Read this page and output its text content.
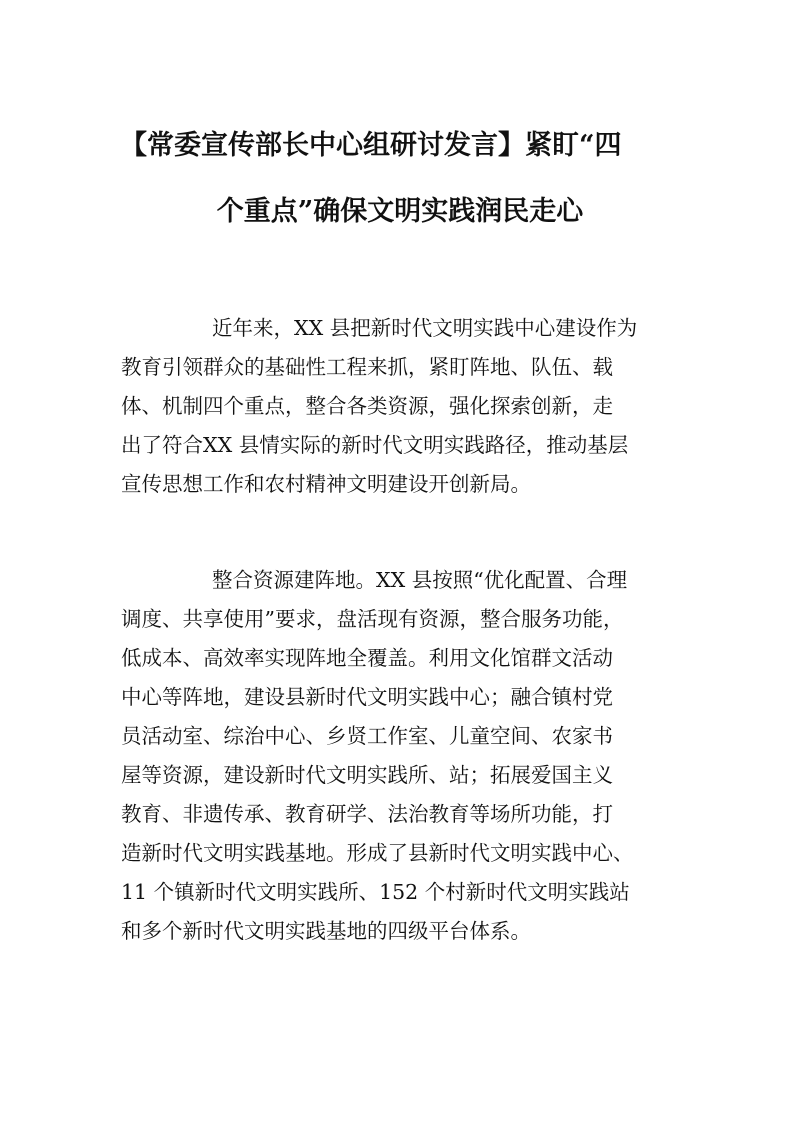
【常委宣传部长中心组研讨发言】紧盯“四
个重点”确保文明实践润民走心
近年来，XX 县把新时代文明实践中心建设作为
教育引领群众的基础性工程来抓，紧盯阵地、队伍、载
体、机制四个重点，整合各类资源，强化探索创新，走
出了符合XX 县情实际的新时代文明实践路径，推动基层
宣传思想工作和农村精神文明建设开创新局。
整合资源建阵地。XX 县按照“优化配置、合理
调度、共享使用”要求，盘活现有资源，整合服务功能，
低成本、高效率实现阵地全覆盖。利用文化馆群文活动
中心等阵地，建设县新时代文明实践中心；融合镇村党
员活动室、综治中心、乡贤工作室、儿童空间、农家书
屋等资源，建设新时代文明实践所、站；拓展爱国主义
教育、非遗传承、教育研学、法治教育等场所功能，打
造新时代文明实践基地。形成了县新时代文明实践中心、
11 个镇新时代文明实践所、152 个村新时代文明实践站
和多个新时代文明实践基地的四级平台体系。
